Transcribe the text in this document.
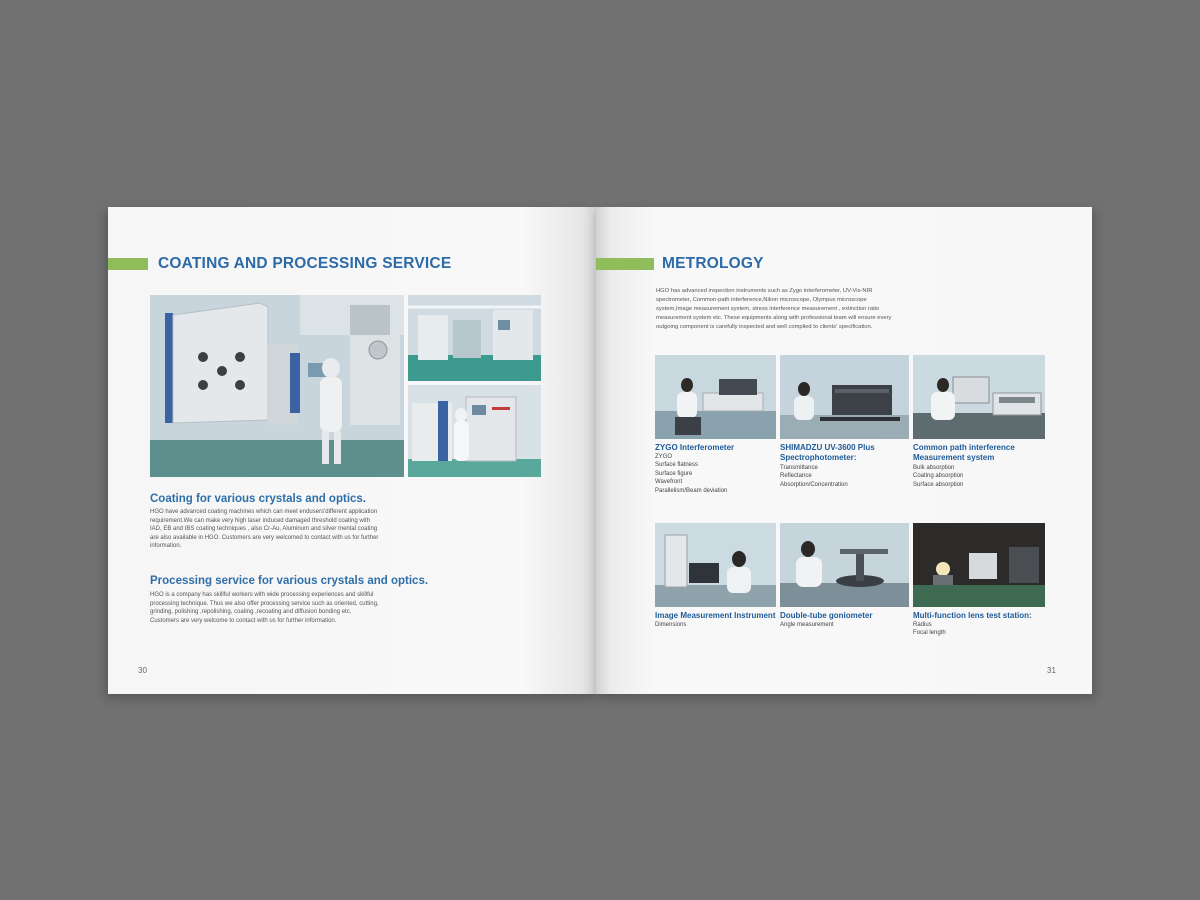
COATING AND PROCESSING SERVICE
Coating for various crystals and optics.
HGO have advanced coating machines which can meet endusers'different application
requirement.We can make very high laser induced damaged threshold coating with
IAD, EB and IBS coating techniques , also Cr-Au, Aluminum and silver mental coating
are also available in HGO. Customers are very welcomed to contact with us for further
information.
Processing service for various crystals and optics.
HGO is a company has skillful workers with wide processing experiences and skillful
processing technique. Thus we also offer processing service such as oriented, cutting,
grinding, polishing ,repolishing, coating ,recoating and diffusion bonding etc.
Customers are very welcome to contact with us for further information.
30
METROLOGY
HGO has advanced inspection instruments such as Zygo interferometer, UV-Vis-NIR
spectrometer, Common-path interference,Nikon microscope, Olympus microscope
system,Image measurement system, stress interference measurement , extinction ratio
measurement system etc. These equipments along with professional team will ensure every
outgoing component is carefully inspected and well complied to clients' specification.
ZYGO Interferometer
ZYGO
Surface flatness
Surface figure
Wavefront
Parallelism/Beam deviation
SHIMADZU UV-3600 Plus
Spectrophotometer:
Transmittance
Reflectance
Absorption/Concentration
Common path interference
Measurement system
Bulk absorption
Coating absorption
Surface absorption
Image Measurement Instrument
Dimensions
Double-tube goniometer
Angle measurement
Multi-function lens test station:
Radius
Focal length
31
